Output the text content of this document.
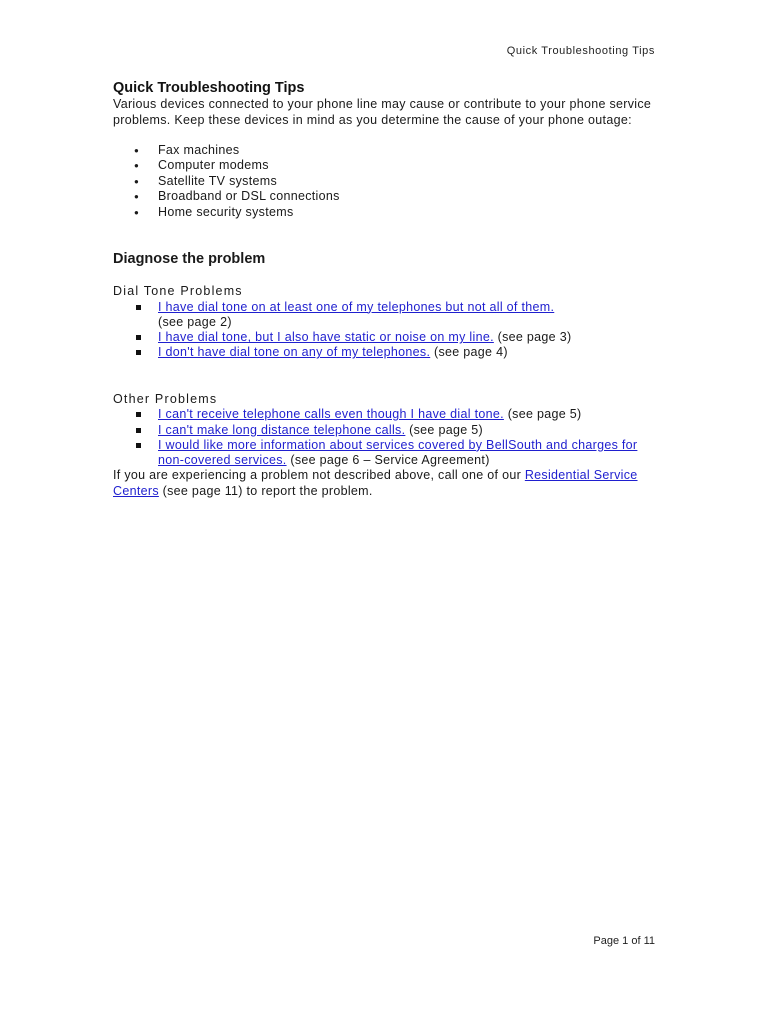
Quick Troubleshooting Tips
Quick Troubleshooting Tips

Various devices connected to your phone line may cause or contribute to your phone service problems. Keep these devices in mind as you determine the cause of your phone outage:

● Fax machines
● Computer modems
● Satellite TV systems
● Broadband or DSL connections
● Home security systems
Diagnose the problem
Dial Tone Problems
I have dial tone on at least one of my telephones but not all of them.
(see page 2)
I have dial tone, but I also have static or noise on my line. (see page 3)
I don't have dial tone on any of my telephones. (see page 4)
Other Problems
I can't receive telephone calls even though I have dial tone. (see page 5)
I can't make long distance telephone calls. (see page 5)
I would like more information about services covered by BellSouth and charges for non-covered services. (see page 6 – Service Agreement)

If you are experiencing a problem not described above, call one of our Residential Service Centers (see page 11) to report the problem.

Page 1 of 11
